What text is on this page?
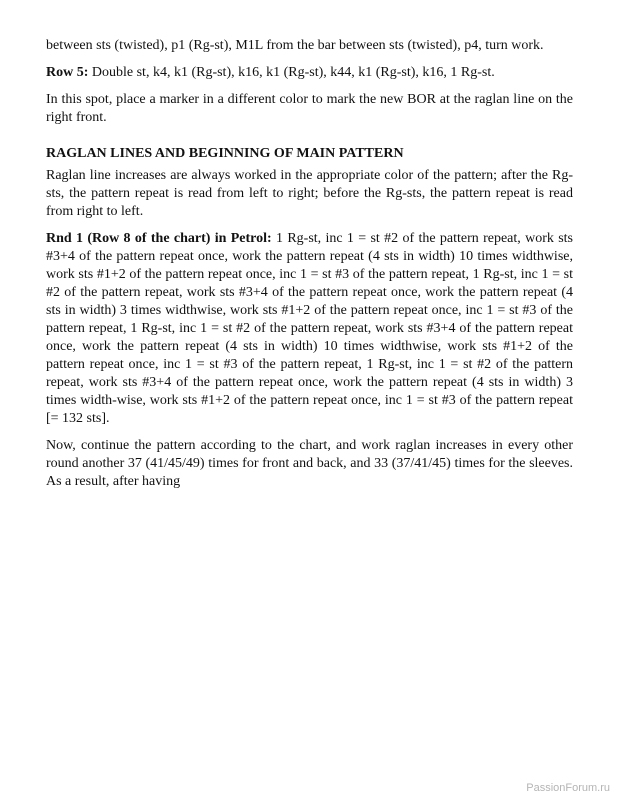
between sts (twisted), p1 (Rg-st), M1L from the bar between sts (twisted), p4, turn work.

Row 5: Double st, k4, k1 (Rg-st), k16, k1 (Rg-st), k44, k1 (Rg-st), k16, 1 Rg-st.

In this spot, place a marker in a different color to mark the new BOR at the raglan line on the right front.

RAGLAN LINES AND BEGINNING OF MAIN PATTERN

Raglan line increases are always worked in the appropriate color of the pattern; after the Rg-sts, the pattern repeat is read from left to right; before the Rg-sts, the pattern repeat is read from right to left.

Rnd 1 (Row 8 of the chart) in Petrol: 1 Rg-st, inc 1 = st #2 of the pattern repeat, work sts #3+4 of the pattern repeat once, work the pattern repeat (4 sts in width) 10 times widthwise, work sts #1+2 of the pattern repeat once, inc 1 = st #3 of the pattern repeat, 1 Rg-st, inc 1 = st #2 of the pattern repeat, work sts #3+4 of the pattern repeat once, work the pattern repeat (4 sts in width) 3 times widthwise, work sts #1+2 of the pattern repeat once, inc 1 = st #3 of the pattern repeat, 1 Rg-st, inc 1 = st #2 of the pattern repeat, work sts #3+4 of the pattern repeat once, work the pattern repeat (4 sts in width) 10 times widthwise, work sts #1+2 of the pattern repeat once, inc 1 = st #3 of the pattern repeat, 1 Rg-st, inc 1 = st #2 of the pattern repeat, work sts #3+4 of the pattern repeat once, work the pattern repeat (4 sts in width) 3 times width-wise, work sts #1+2 of the pattern repeat once, inc 1 = st #3 of the pattern repeat [= 132 sts].

Now, continue the pattern according to the chart, and work raglan increases in every other round another 37 (41/45/49) times for front and back, and 33 (37/41/45) times for the sleeves. As a result, after having

PassionForum.ru
